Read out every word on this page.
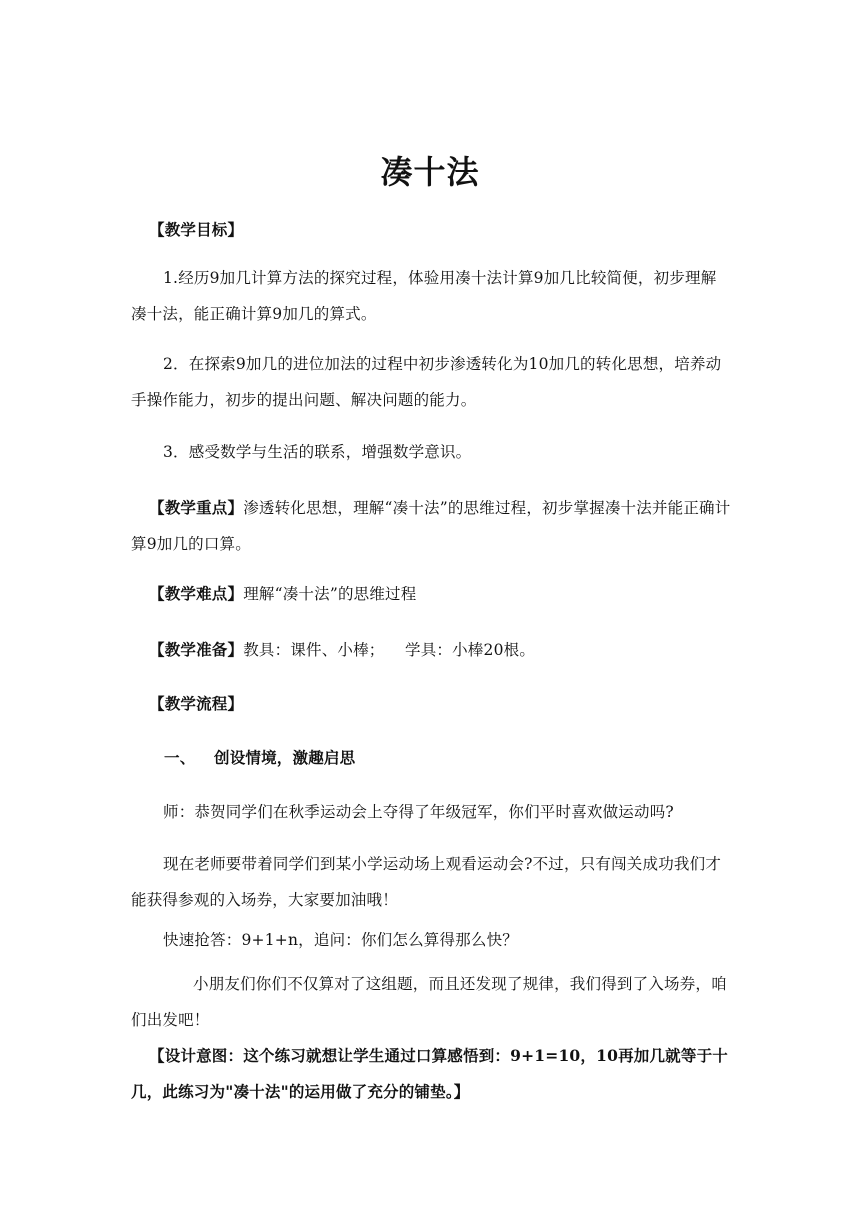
凑十法
【教学目标】
1.经历9加几计算方法的探究过程，体验用凑十法计算9加几比较简便，初步理解凑十法，能正确计算9加几的算式。
2．在探索9加几的进位加法的过程中初步渗透转化为10加几的转化思想，培养动手操作能力，初步的提出问题、解决问题的能力。
3．感受数学与生活的联系，增强数学意识。
【教学重点】渗透转化思想，理解“凑十法”的思维过程，初步掌握凑十法并能正确计算9加几的口算。
【教学难点】理解“凑十法”的思维过程
【教学准备】教具：课件、小棒；    学具：小棒20根。
【教学流程】
一、 创设情境，激趣启思
师：恭贺同学们在秋季运动会上夺得了年级冠军，你们平时喜欢做运动吗?
现在老师要带着同学们到某小学运动场上观看运动会?不过，只有闯关成功我们才能获得参观的入场券，大家要加油哦！
快速抢答：9+1+n，追问：你们怎么算得那么快？
小朋友们你们不仅算对了这组题，而且还发现了规律，我们得到了入场券，咱们出发吧！
【设计意图：这个练习就想让学生通过口算感悟到：9+1=10，10再加几就等于十几，此练习为"凑十法"的运用做了充分的铺垫。】
